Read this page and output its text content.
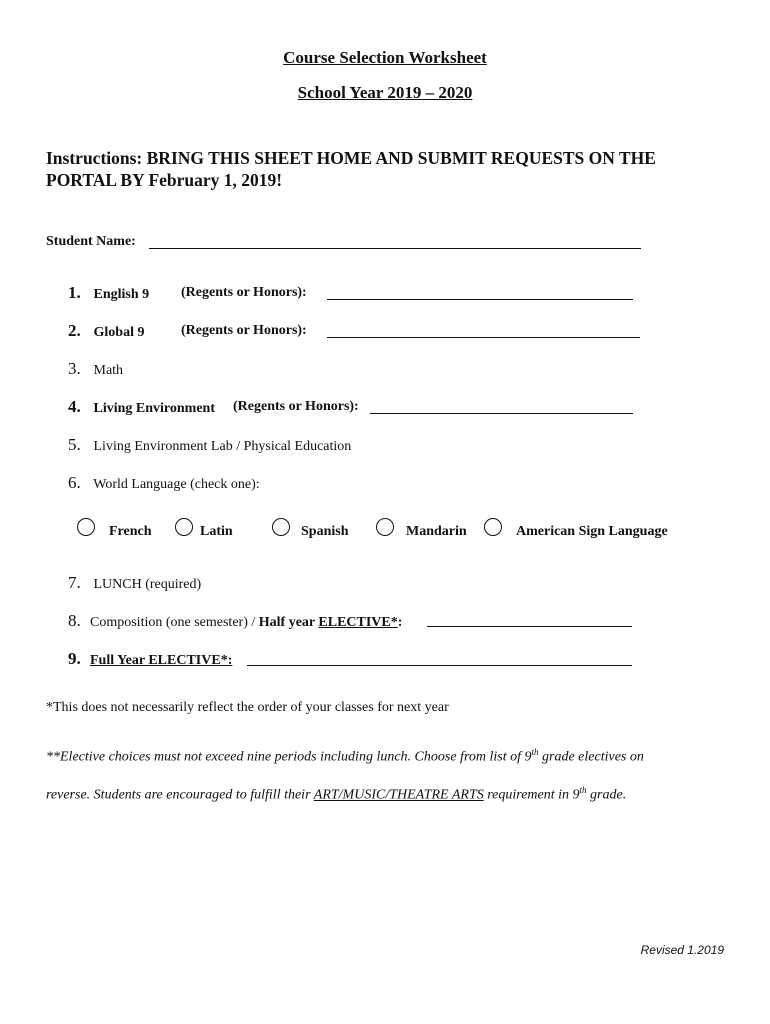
Course Selection Worksheet
School Year 2019 – 2020
Instructions: BRING THIS SHEET HOME AND SUBMIT REQUESTS ON THE PORTAL BY February 1, 2019!
Student Name:
1. English 9 (Regents or Honors):
2. Global 9	(Regents or Honors):
3. Math
4. Living Environment (Regents or Honors):
5. Living Environment Lab / Physical Education
6. World Language (check one):
French	Latin	Spanish	Mandarin	American Sign Language
7. LUNCH (required)
8. Composition (one semester) / Half year ELECTIVE*:
9. Full Year ELECTIVE*:
*This does not necessarily reflect the order of your classes for next year
**Elective choices must not exceed nine periods including lunch. Choose from list of 9th grade electives on
reverse. Students are encouraged to fulfill their ART/MUSIC/THEATRE ARTS requirement in 9th grade.
Revised 1.2019
